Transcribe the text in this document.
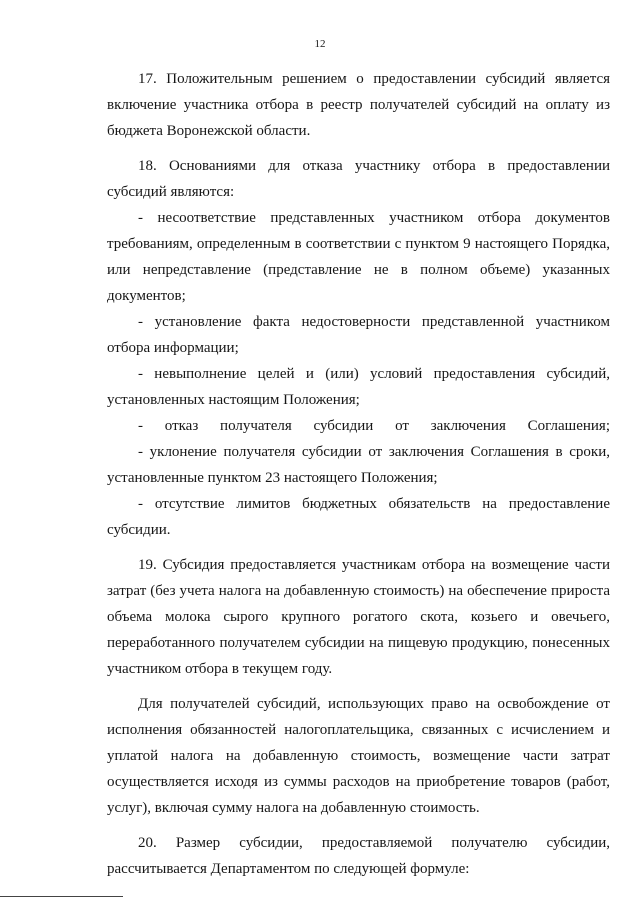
12

17. Положительным решением о предоставлении субсидий является включение участника отбора в реестр получателей субсидий на оплату из бюджета Воронежской области.

18. Основаниями для отказа участнику отбора в предоставлении субсидий являются:

- несоответствие представленных участником отбора документов требованиям, определенным в соответствии с пунктом 9 настоящего Порядка, или непредставление (представление не в полном объеме) указанных документов;

- установление факта недостоверности представленной участником отбора информации;

- невыполнение целей и (или) условий предоставления субсидий, установленных настоящим Положения;

- отказ получателя субсидии от заключения Соглашения;

- уклонение получателя субсидии от заключения Соглашения в сроки, установленные пунктом 23 настоящего Положения;

- отсутствие лимитов бюджетных обязательств на предоставление субсидии.

19. Субсидия предоставляется участникам отбора на возмещение части затрат (без учета налога на добавленную стоимость) на обеспечение прироста объема молока сырого крупного рогатого скота, козьего и овечьего, переработанного получателем субсидии на пищевую продукцию, понесенных участником отбора в текущем году.

Для получателей субсидий, использующих право на освобождение от исполнения обязанностей налогоплательщика, связанных с исчислением и уплатой налога на добавленную стоимость, возмещение части затрат осуществляется исходя из суммы расходов на приобретение товаров (работ, услуг), включая сумму налога на добавленную стоимость.

20. Размер субсидии, предоставляемой получателю субсидии, рассчитывается Департаментом по следующей формуле:
